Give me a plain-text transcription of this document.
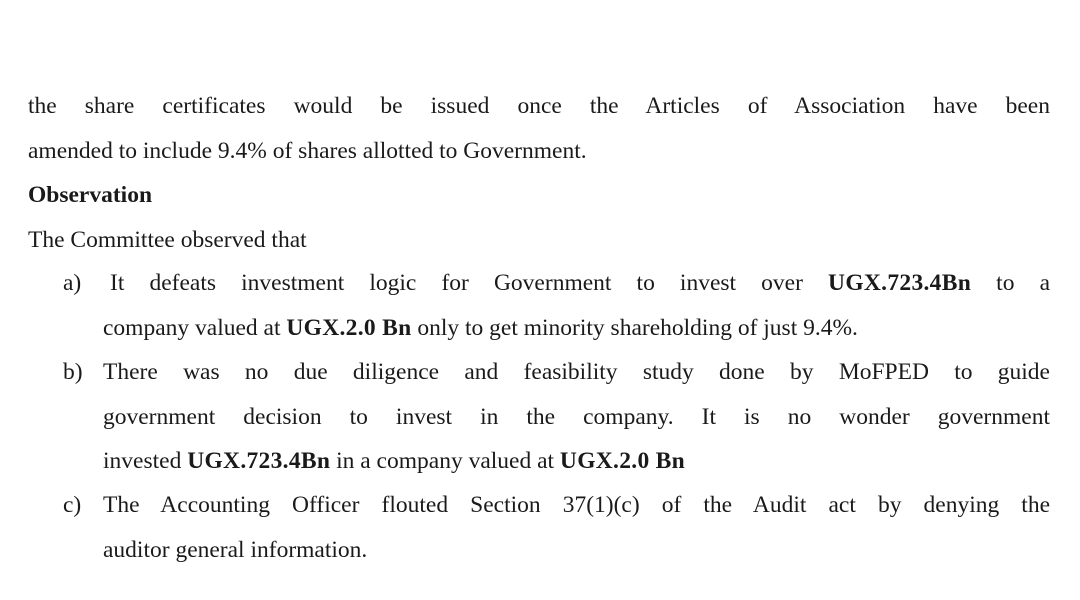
the share certificates would be issued once the Articles of Association have been
amended to include 9.4% of shares allotted to Government.
Observation
The Committee observed that
a) It defeats investment logic for Government to invest over UGX.723.4Bn to a
company valued at UGX.2.0 Bn only to get minority shareholding of just 9.4%.
b) There was no due diligence and feasibility study done by MoFPED to guide
government decision to invest in the company. It is no wonder government
invested UGX.723.4Bn in a company valued at UGX.2.0 Bn
c) The Accounting Officer flouted Section 37(1)(c) of the Audit act by denying the
auditor general information.
